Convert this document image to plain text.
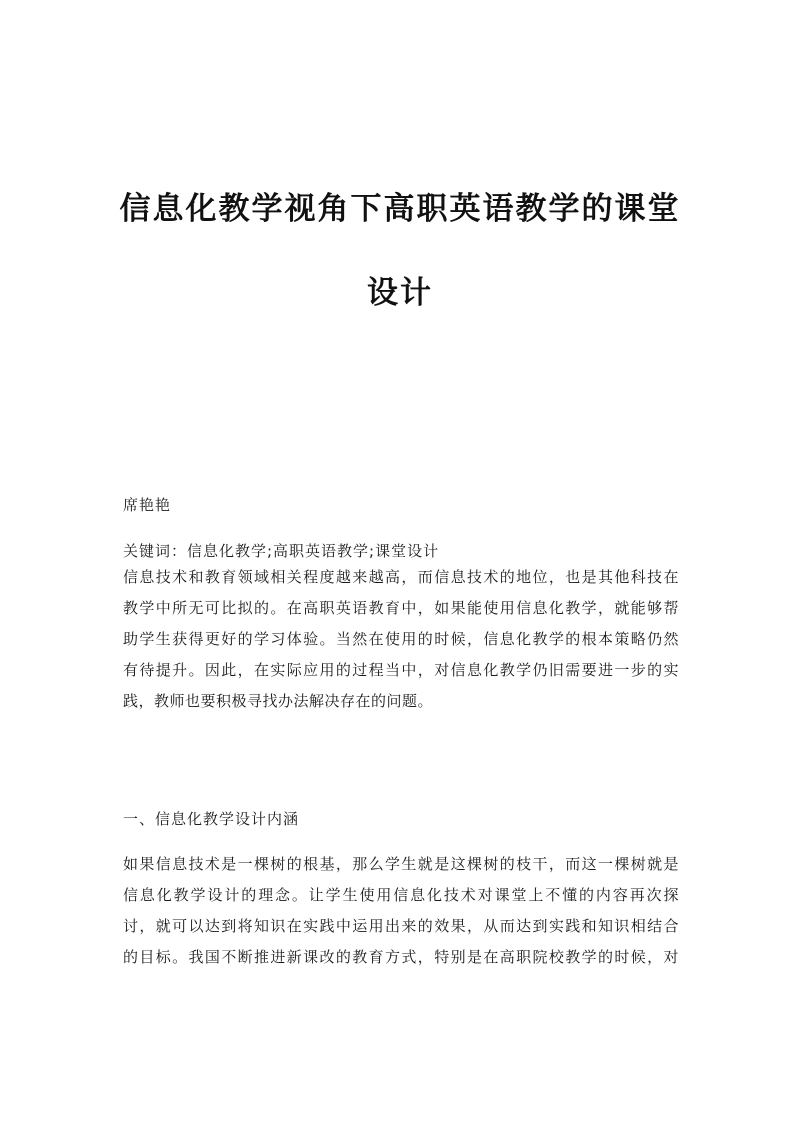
信息化教学视角下高职英语教学的课堂
设计
席艳艳
关键词：信息化教学;高职英语教学;课堂设计
信息技术和教育领域相关程度越来越高，而信息技术的地位，也是其他科技在
教学中所无可比拟的。在高职英语教育中，如果能使用信息化教学，就能够帮
助学生获得更好的学习体验。当然在使用的时候，信息化教学的根本策略仍然
有待提升。因此，在实际应用的过程当中，对信息化教学仍旧需要进一步的实
践，教师也要积极寻找办法解决存在的问题。
一、信息化教学设计内涵
如果信息技术是一棵树的根基，那么学生就是这棵树的枝干，而这一棵树就是
信息化教学设计的理念。让学生使用信息化技术对课堂上不懂的内容再次探
讨，就可以达到将知识在实践中运用出来的效果，从而达到实践和知识相结合
的目标。我国不断推进新课改的教育方式，特别是在高职院校教学的时候，对
